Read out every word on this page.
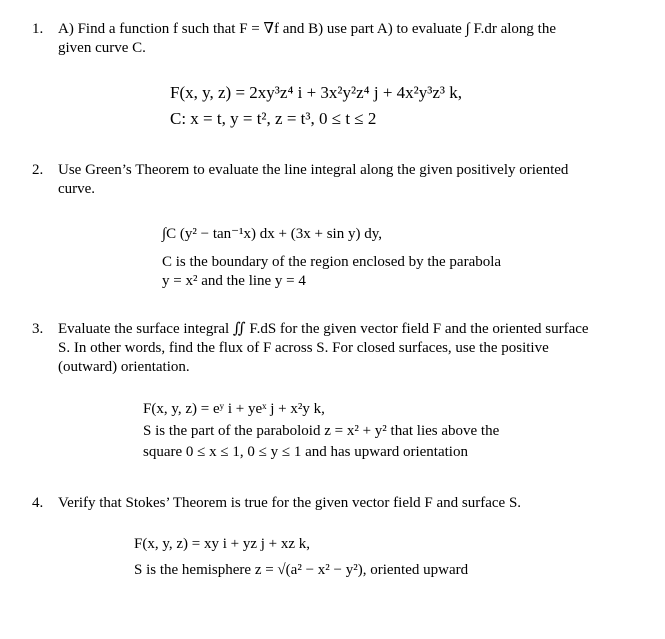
1. A) Find a function f such that F = ∇f and B) use part A) to evaluate ∫ F.dr along the
given curve C.
F(x, y, z) = 2xy³z⁴ i + 3x²y²z⁴ j + 4x²y³z³ k,
C: x = t, y = t², z = t³, 0 ≤ t ≤ 2
2. Use Green’s Theorem to evaluate the line integral along the given positively oriented
curve.
∫C (y² − tan⁻¹x) dx + (3x + sin y) dy,
C is the boundary of the region enclosed by the parabola
y = x² and the line y = 4
3. Evaluate the surface integral ∬ F.dS for the given vector field F and the oriented surface
S. In other words, find the flux of F across S. For closed surfaces, use the positive
(outward) orientation.
F(x, y, z) = eʸ i + yeˣ j + x²y k,
S is the part of the paraboloid z = x² + y² that lies above the
square 0 ≤ x ≤ 1, 0 ≤ y ≤ 1 and has upward orientation
4. Verify that Stokes’ Theorem is true for the given vector field F and surface S.
F(x, y, z) = xy i + yz j + xz k,
S is the hemisphere z = √(a² − x² − y²), oriented upward
